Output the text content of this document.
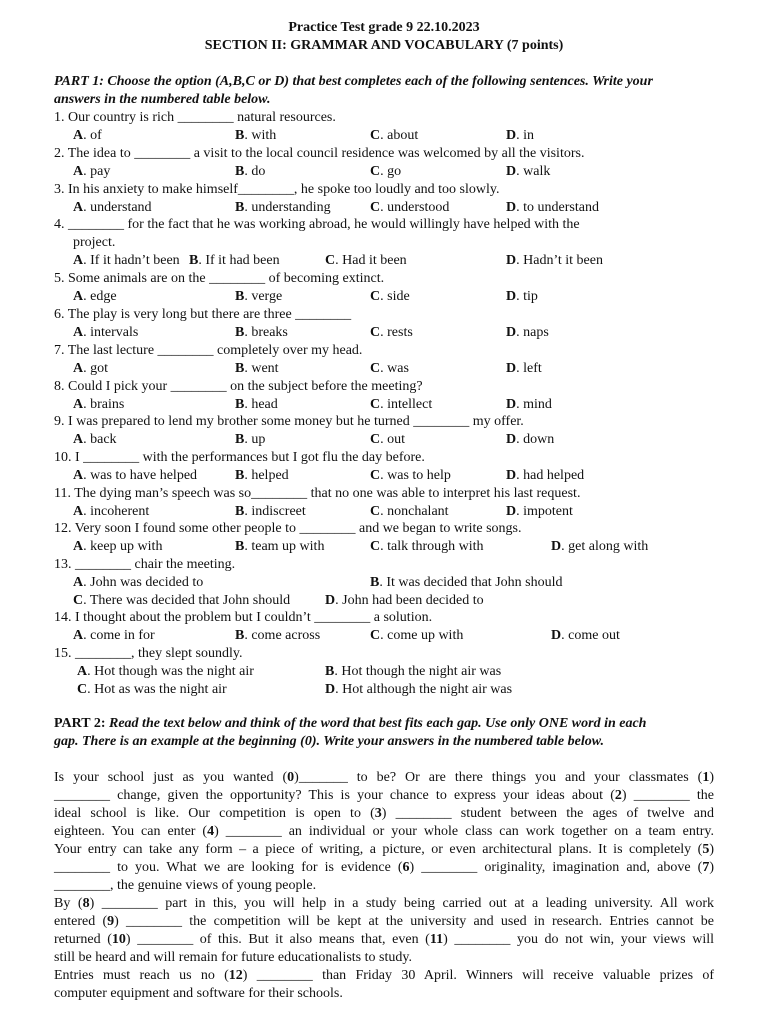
Practice Test grade 9 22.10.2023
SECTION II: GRAMMAR AND VOCABULARY (7 points)
PART 1: Choose the option (A,B,C or D) that best completes each of the following sentences. Write your
answers in the numbered table below.
1. Our country is rich ________ natural resources.
A. of	B. with	C. about	D. in
2. The idea to ________ a visit to the local council residence was welcomed by all the visitors.
A. pay	B. do	C. go	D. walk
3. In his anxiety to make himself________, he spoke too loudly and too slowly.
A. understand	B. understanding	C. understood	D. to understand
4. ________ for the fact that he was working abroad, he would willingly have helped with the
project.
A. If it hadn’t been B. If it had been	C. Had it been	D. Hadn’t it been
5. Some animals are on the ________ of becoming extinct.
A. edge	B. verge	C. side	D. tip
6. The play is very long but there are three ________
A. intervals	B. breaks	C. rests	D. naps
7. The last lecture ________ completely over my head.
A. got	B. went	C. was	D. left
8. Could I pick your ________ on the subject before the meeting?
A. brains	B. head	C. intellect	D. mind
9. I was prepared to lend my brother some money but he turned ________ my offer.
A. back	B. up	C. out	D. down
10. I ________ with the performances but I got flu the day before.
A. was to have helped	B. helped	C. was to help	D. had helped
11. The dying man’s speech was so________ that no one was able to interpret his last request.
A. incoherent	B. indiscreet	C. nonchalant	D. impotent
12. Very soon I found some other people to ________ and we began to write songs.
A. keep up with	B. team up with	C. talk through with	D. get along with
13. ________ chair the meeting.
A. John was decided to	B. It was decided that John should
C. There was decided that John should D. John had been decided to
14. I thought about the problem but I couldn’t ________ a solution.
A. come in for	B. come across	C. come up with	D. come out
15. ________, they slept soundly.
A. Hot though was the night air	B. Hot though the night air was
C. Hot as was the night air	D. Hot although the night air was
PART 2: Read the text below and think of the word that best fits each gap. Use only ONE word in each
gap. There is an example at the beginning (0). Write your answers in the numbered table below.
Is your school just as you wanted (0)_______ to be? Or are there things you and your classmates (1)
________ change, given the opportunity? This is your chance to express your ideas about (2) ________ the
ideal school is like. Our competition is open to (3) ________ student between the ages of twelve and
eighteen. You can enter (4) ________ an individual or your whole class can work together on a team entry.
Your entry can take any form – a piece of writing, a picture, or even architectural plans. It is completely (5)
________ to you. What we are looking for is evidence (6) ________ originality, imagination and, above (7)
________, the genuine views of young people.
By (8) ________ part in this, you will help in a study being carried out at a leading university. All work
entered (9) ________ the competition will be kept at the university and used in research. Entries cannot be
returned (10) ________ of this. But it also means that, even (11) ________ you do not win, your views will
still be heard and will remain for future educationalists to study.
Entries must reach us no (12) ________ than Friday 30 April. Winners will receive valuable prizes of
computer equipment and software for their schools.
